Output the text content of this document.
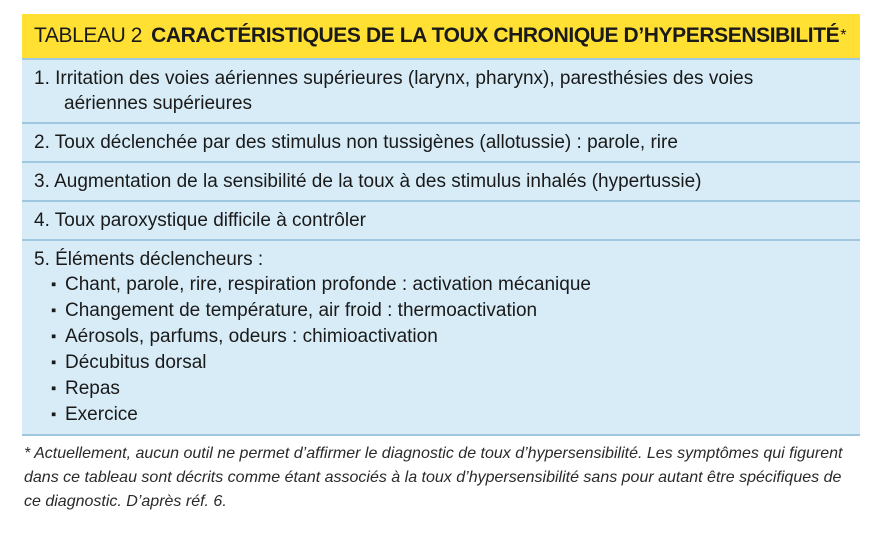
TABLEAU 2 CARACTÉRISTIQUES DE LA TOUX CHRONIQUE D’HYPERSENSIBILITÉ *
1. Irritation des voies aériennes supérieures (larynx, pharynx), paresthésies des voies
aériennes supérieures
2. Toux déclenchée par des stimulus non tussigènes (allotussie) : parole, rire
3. Augmentation de la sensibilité de la toux à des stimulus inhalés (hypertussie)
4. Toux paroxystique difficile à contrôler
5. Éléments déclencheurs :
▪ Chant, parole, rire, respiration profonde : activation mécanique
▪ Changement de température, air froid : thermoactivation
▪ Aérosols, parfums, odeurs : chimioactivation
▪ Décubitus dorsal
▪ Repas
▪ Exercice
* Actuellement, aucun outil ne permet d’affirmer le diagnostic de toux d’hypersensibilité. Les symptômes qui figurent dans ce tableau sont décrits comme étant associés à la toux d’hypersensibilité sans pour autant être spécifiques de ce diagnostic. D’après réf. 6.
